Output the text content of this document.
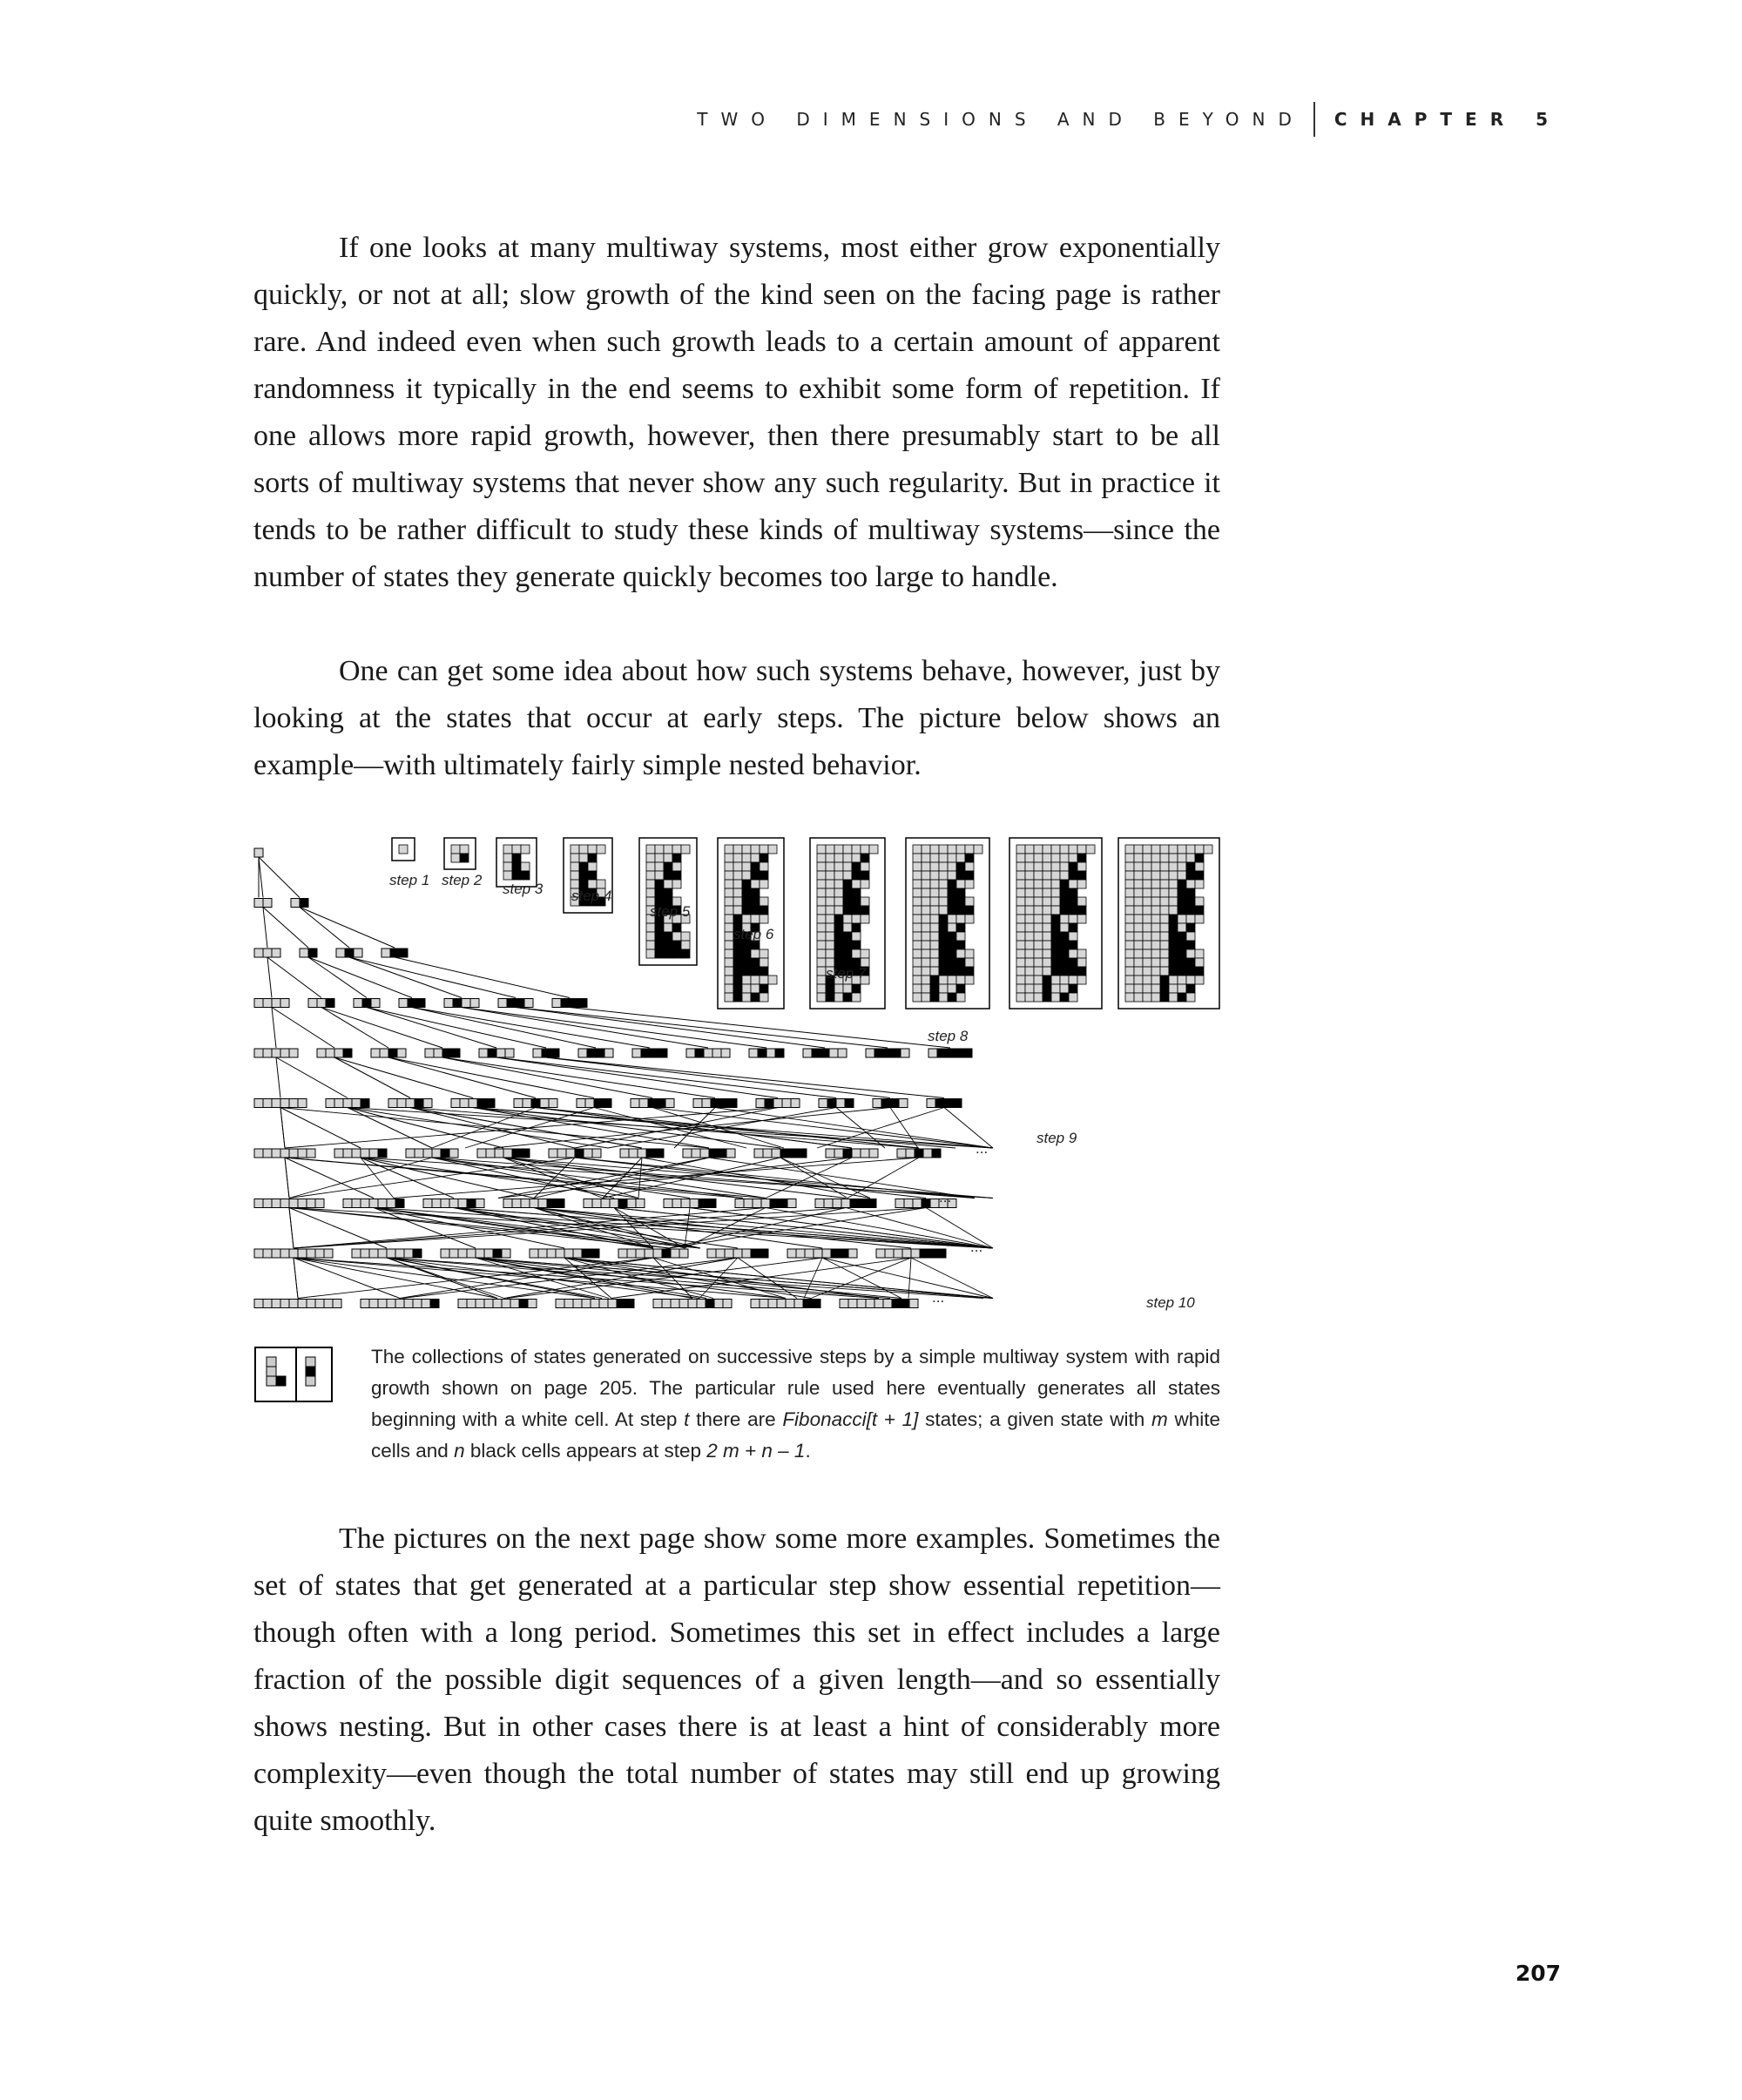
TWO DIMENSIONS AND BEYOND CHAPTER 5

If one looks at many multiway systems, most either grow exponentially quickly, or not at all; slow growth of the kind seen on the facing page is rather rare. And indeed even when such growth leads to a certain amount of apparent randomness it typically in the end seems to exhibit some form of repetition. If one allows more rapid growth, however, then there presumably start to be all sorts of multiway systems that never show any such regularity. But in practice it tends to be rather difficult to study these kinds of multiway systems—since the number of states they generate quickly becomes too large to handle.

One can get some idea about how such systems behave, however, just by looking at the states that occur at early steps. The picture below shows an example—with ultimately fairly simple nested behavior.

step 1 step 2
step 3 step 4
step 5
step 6
step 7
step 8
step 9
step 10
...
...
...
...

The collections of states generated on successive steps by a simple multiway system with rapid growth shown on page 205. The particular rule used here eventually generates all states beginning with a white cell. At step t there are Fibonacci[t + 1] states; a given state with m white cells and n black cells appears at step 2 m + n – 1.

The pictures on the next page show some more examples. Sometimes the set of states that get generated at a particular step show essential repetition—though often with a long period. Sometimes this set in effect includes a large fraction of the possible digit sequences of a given length—and so essentially shows nesting. But in other cases there is at least a hint of considerably more complexity—even though the total number of states may still end up growing quite smoothly.

207
